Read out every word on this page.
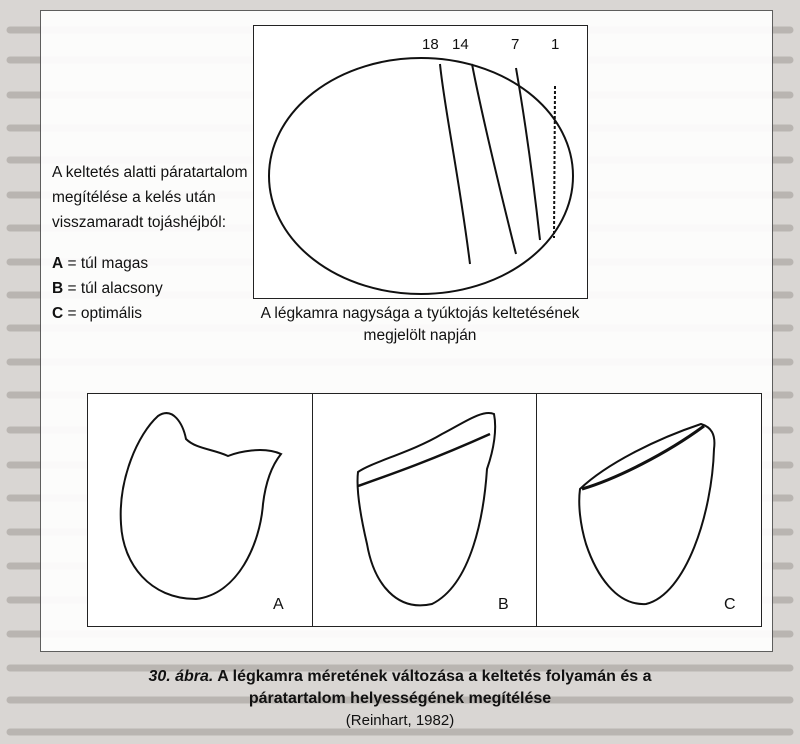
A keltetés alatti páratartalom megítélése a kelés után visszamaradt tojáshéjból:
A = túl magas
B = túl alacsony
C = optimális
18 14	7 1
A légkamra nagysága a tyúktojás keltetésének megjelölt napján
A	B	C
30. ábra. A légkamra méretének változása a keltetés folyamán és a páratartalom helyességének megítélése
(Reinhart, 1982)
